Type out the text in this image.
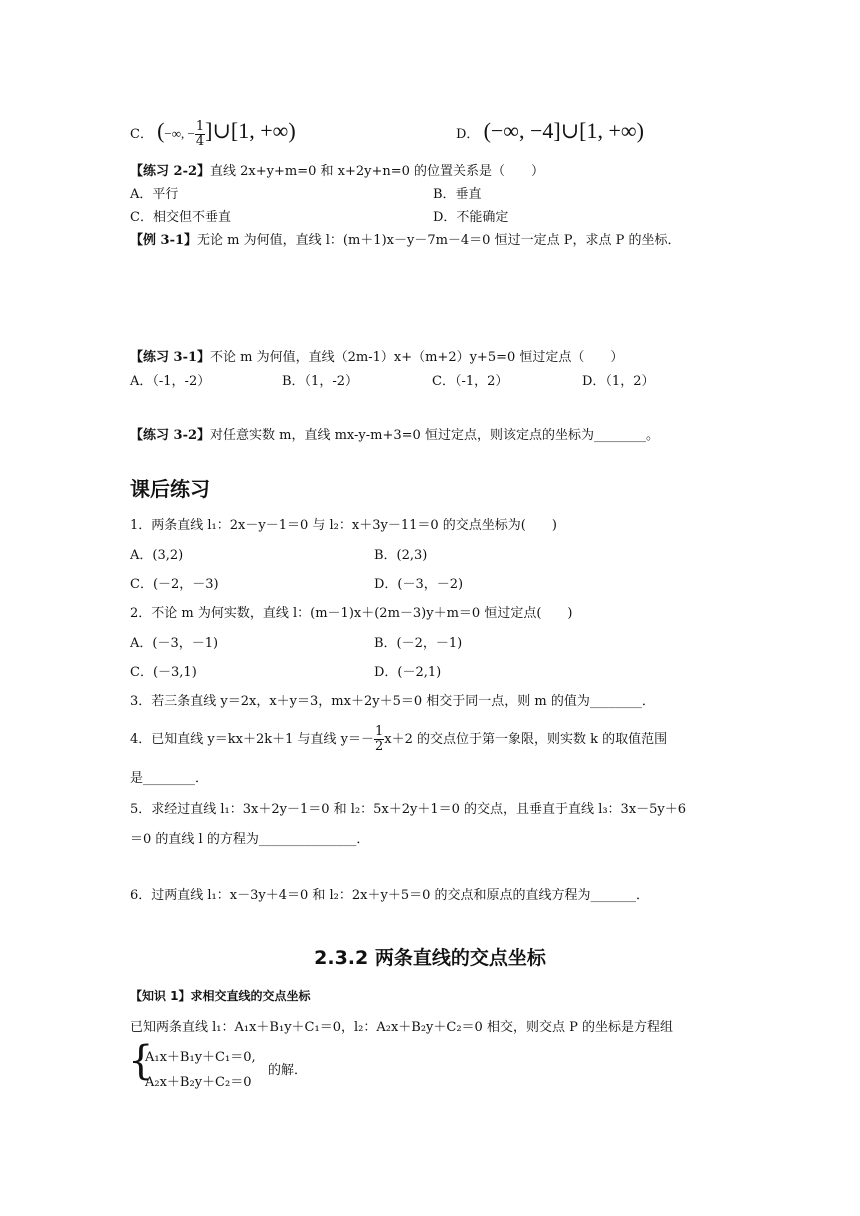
C． (−∞, − $\frac{1}{4}$ ]∪[1, +∞)	D． (−∞, −4]∪[1, +∞)
【练习 2-2】直线 2x+y+m=0 和 x+2y+n=0 的位置关系是（　　）
A．平行	B．垂直
C．相交但不垂直	D．不能确定
【例 3-1】无论 m 为何值，直线 l：(m＋1)x－y－7m－4＝0 恒过一定点 P，求点 P 的坐标．
【练习 3-1】不论 m 为何值，直线（2m-1）x+（m+2）y+5=0 恒过定点（　　）
A．（-1，-2）	B．（1，-2）	C．（-1，2）	D．（1，2）
【练习 3-2】对任意实数 m，直线 mx-y-m+3=0 恒过定点，则该定点的坐标为________。
课后练习
1．两条直线 l₁：2x－y－1＝0 与 l₂：x＋3y－11＝0 的交点坐标为(　　)
A．(3,2)	B．(2,3)
C．(－2，－3)	D．(－3，－2)
2．不论 m 为何实数，直线 l：(m－1)x＋(2m－3)y＋m＝0 恒过定点(　　)
A．(－3，－1)	B．(－2，－1)
C．(－3,1)	D．(－2,1)
3．若三条直线 y＝2x，x＋y＝3，mx＋2y＋5＝0 相交于同一点，则 m 的值为________．
4．已知直线 y＝kx＋2k＋1 与直线 $y=- \frac{1}{2} x+2$ 的交点位于第一象限，则实数 k 的取值范围
是________．
5．求经过直线 l₁：3x＋2y－1＝0 和 l₂：5x＋2y＋1＝0 的交点，且垂直于直线 l₃：3x－5y＋6
＝0 的直线 l 的方程为_______________．
6．过两直线 l₁：x－3y＋4＝0 和 l₂：2x＋y＋5＝0 的交点和原点的直线方程为_______．
2.3.2 两条直线的交点坐标
【知识 1】求相交直线的交点坐标
已知两条直线 l₁：A₁x＋B₁y＋C₁＝0，l₂：A₂x＋B₂y＋C₂＝0 相交，则交点 P 的坐标是方程组
{
A₁x＋B₁y＋C₁＝0,
A₂x＋B₂y＋C₂＝0
的解．
